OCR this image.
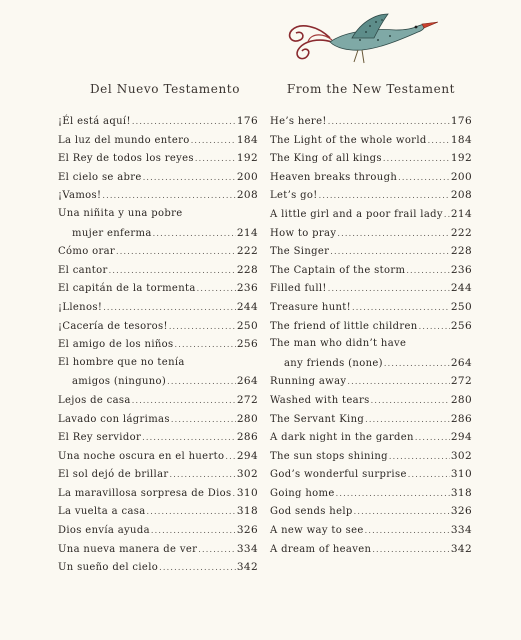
Del Nuevo Testamento
¡Él está aquí! .....	176
La luz del mundo entero .....	184
El Rey de todos los reyes .....	192
El cielo se abre .....	200
¡Vamos! .....	208
Una niñita y una pobre
mujer enferma .....	214
Cómo orar .....	222
El cantor .....	228
El capitán de la tormenta .....	236
¡Llenos! .....	244
¡Cacería de tesoros! .....	250
El amigo de los niños .....	256
El hombre que no tenía
amigos (ninguno) .....	264
Lejos de casa .....	272
Lavado con lágrimas .....	280
El Rey servidor .....	286
Una noche oscura en el huerto ..... 294
El sol dejó de brillar .....	302
La maravillosa sorpresa de Dios ..... 310
La vuelta a casa .....	318
Dios envía ayuda .....	326
Una nueva manera de ver .....	334
Un sueño del cielo .....	342
From the New Testament
He’s here! .....	176
The Light of the whole world ..... 184
The King of all kings .....	192
Heaven breaks through .....	200
Let’s go! .....	208
A little girl and a poor frail lady ..... 214
How to pray .....	222
The Singer .....	228
The Captain of the storm .....	236
Filled full! .....	244
Treasure hunt! .....	250
The friend of little children .....	256
The man who didn’t have
any friends (none) .....	264
Running away .....	272
Washed with tears .....	280
The Servant King .....	286
A dark night in the garden .....	294
The sun stops shining .....	302
God’s wonderful surprise .....	310
Going home .....	318
God sends help .....	326
A new way to see .....	334
A dream of heaven .....	342
